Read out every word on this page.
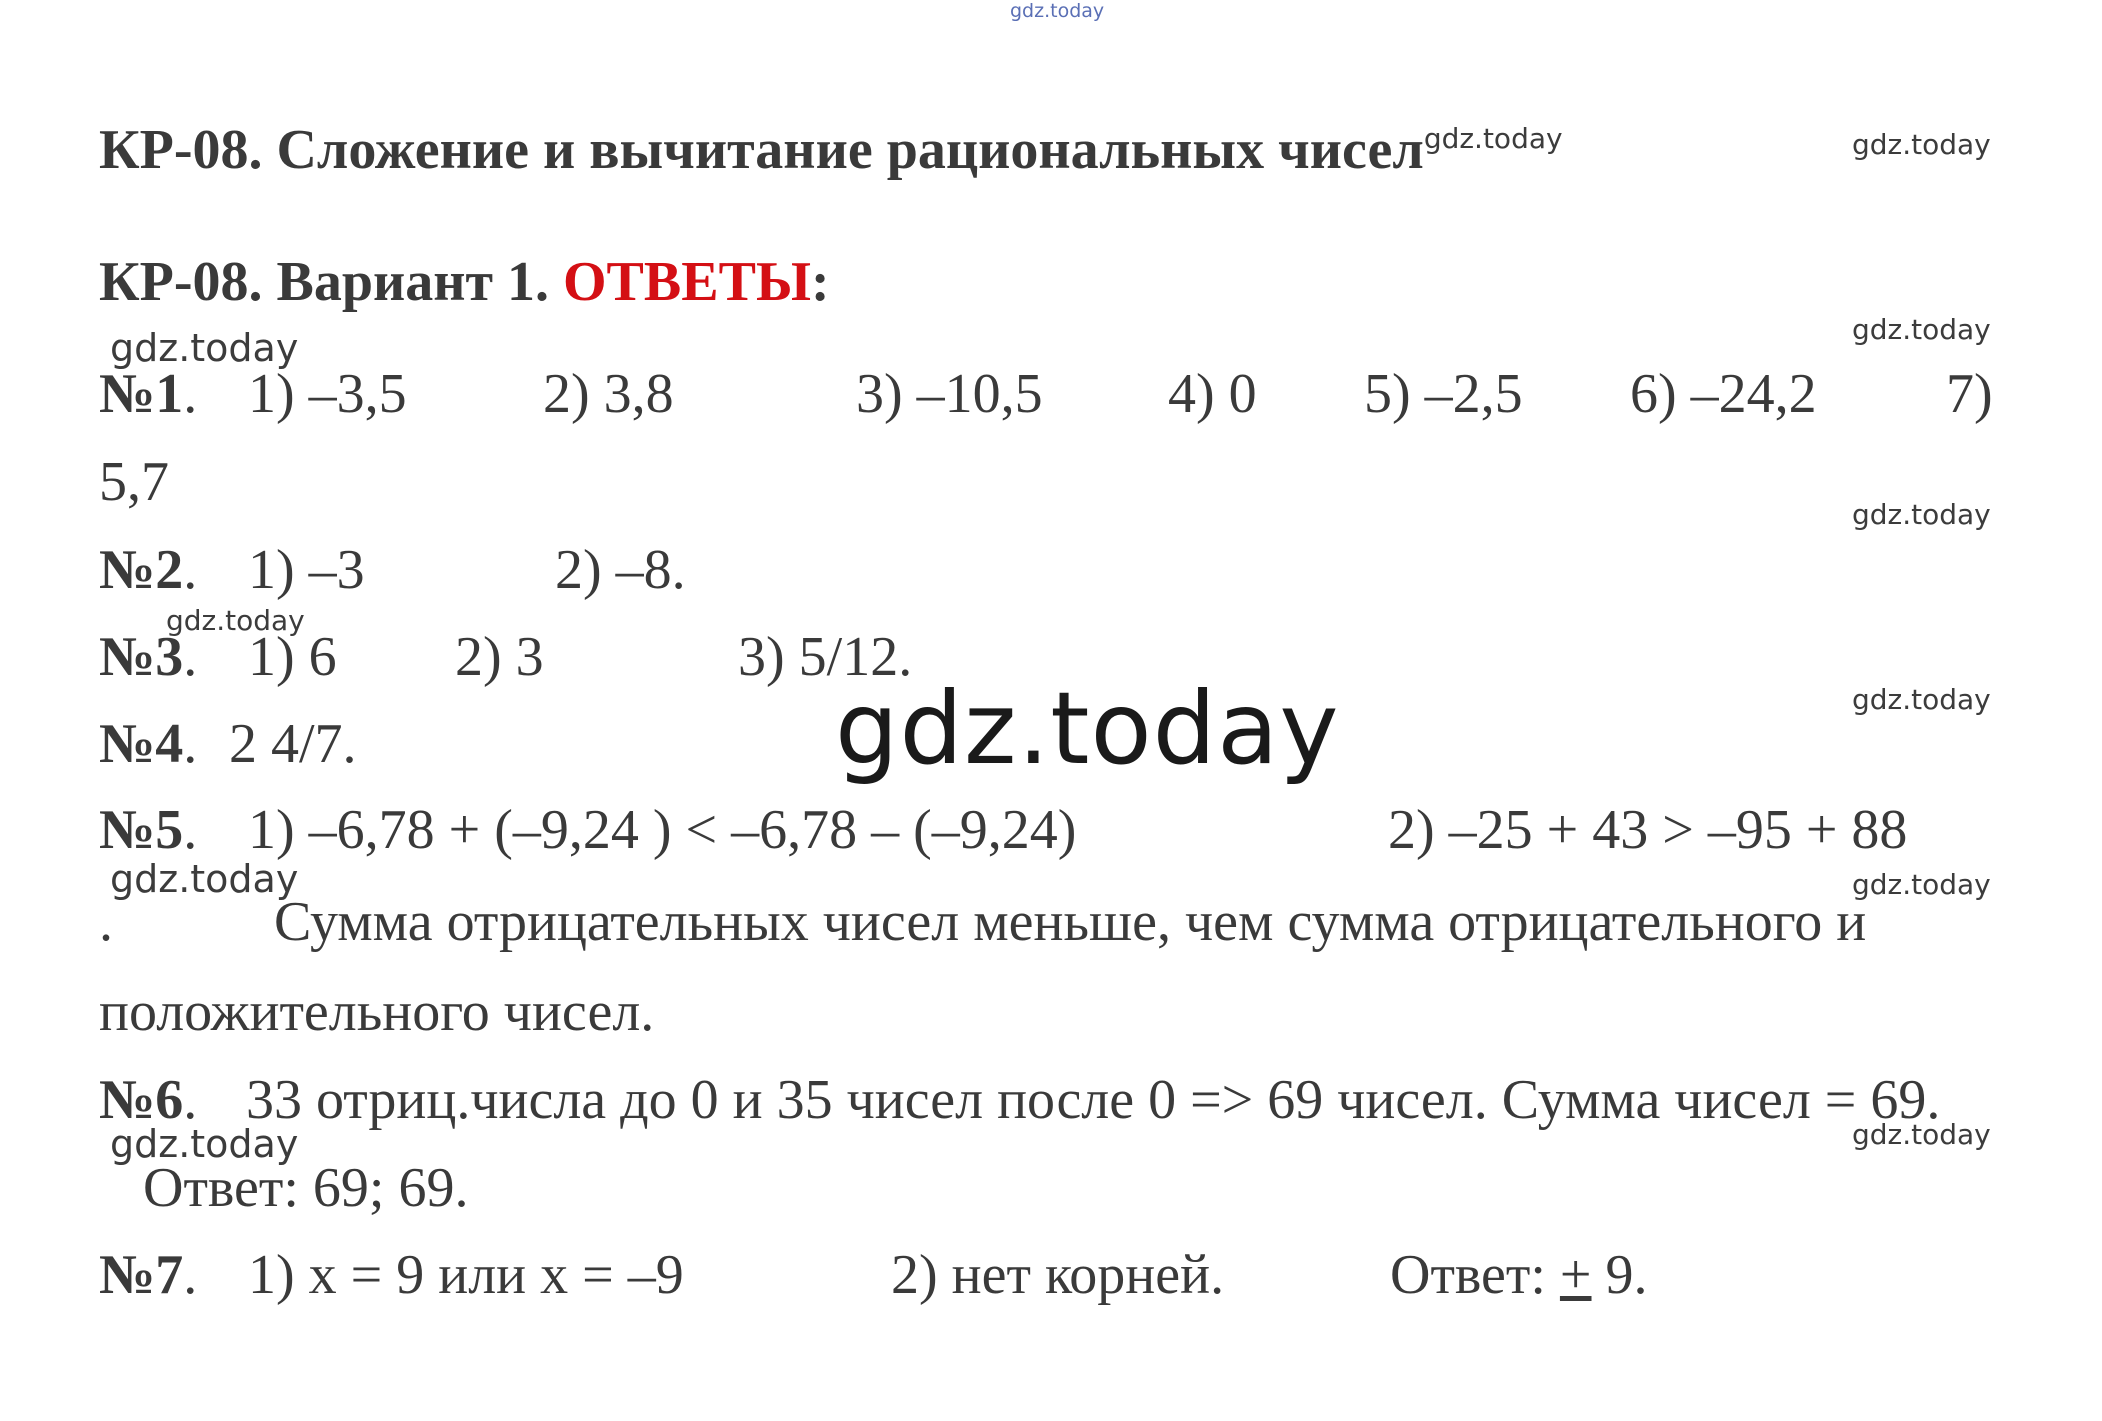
gdz.today
КР-08. Сложение и вычитание рациональных чисел$^{gdz.today}$
КР-08. Вариант 1. ОТВЕТЫ:
gdz.today
gdz.today
gdz.today
gdz.today
gdz.today
gdz.today
gdz.today
gdz.today
gdz.today
gdz.today
gdz.today
№1. 1) –3,5 2) 3,8	3) –10,5 4) 0 5) –2,5 6) –24,2 7)
5,7
№2. 1) –3	2) –8.
№3. 1) 6 2) 3	3) 5/12.
№4. 2 4/7.
№5. 1) –6,78 + (–9,24 ) < –6,78 – (–9,24)	2) –25 + 43 > –95 + 88
.	Сумма отрицательных чисел меньше, чем сумма отрицательного и
положительного чисел.
№6. 33 отриц.числа до 0 и 35 чисел после 0 => 69 чисел. Сумма чисел = 69.
Ответ: 69; 69.
№7. 1) x = 9 или x = –9	2) нет корней.	Ответ: + 9.
